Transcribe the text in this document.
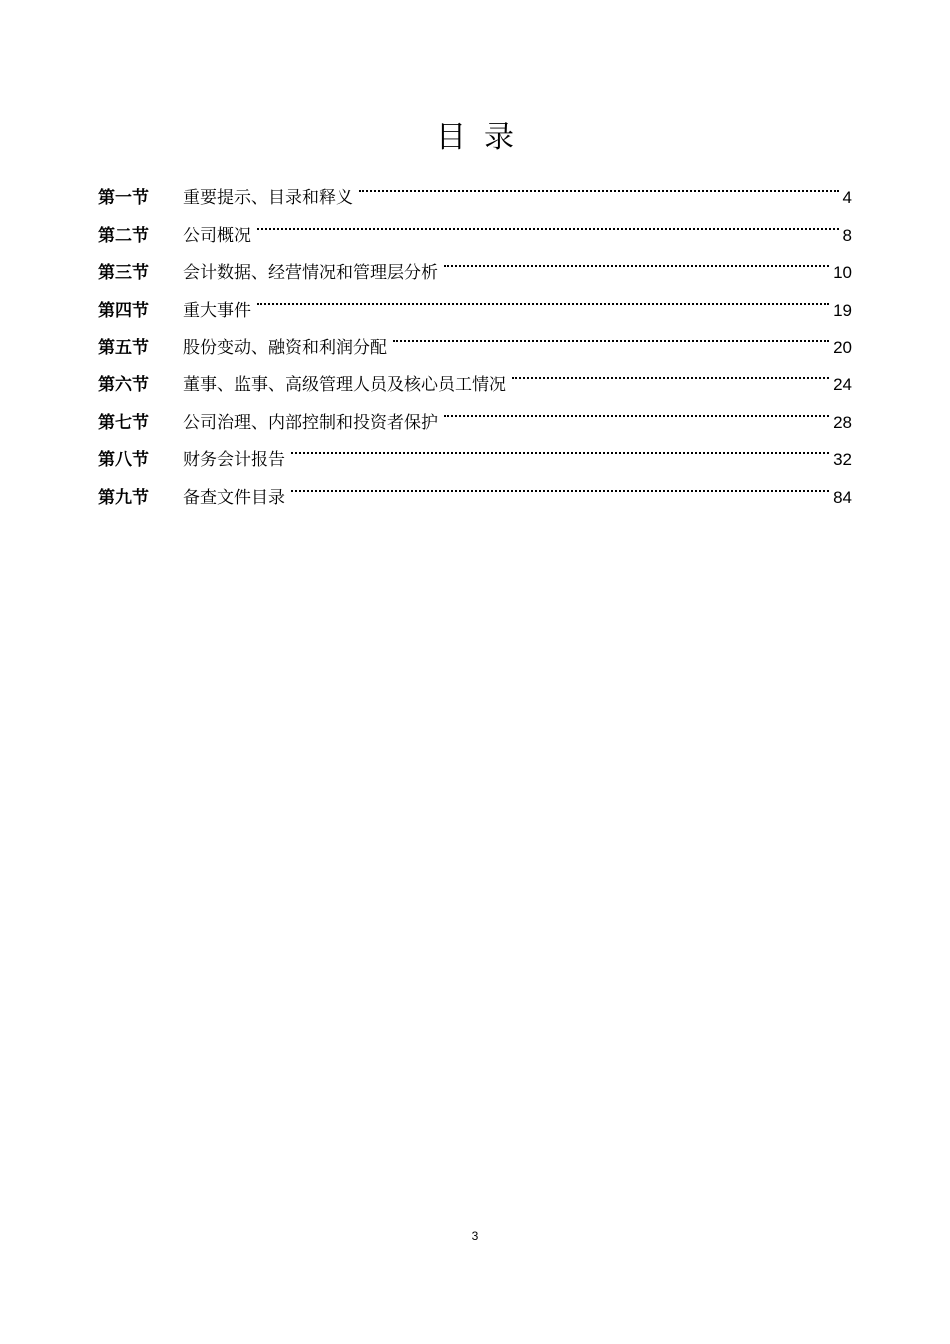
目录
第一节	重要提示、目录和释义	4
第二节	公司概况	8
第三节	会计数据、经营情况和管理层分析	10
第四节	重大事件	19
第五节	股份变动、融资和利润分配	20
第六节	董事、监事、高级管理人员及核心员工情况	24
第七节	公司治理、内部控制和投资者保护	28
第八节	财务会计报告	32
第九节	备查文件目录	84
3
